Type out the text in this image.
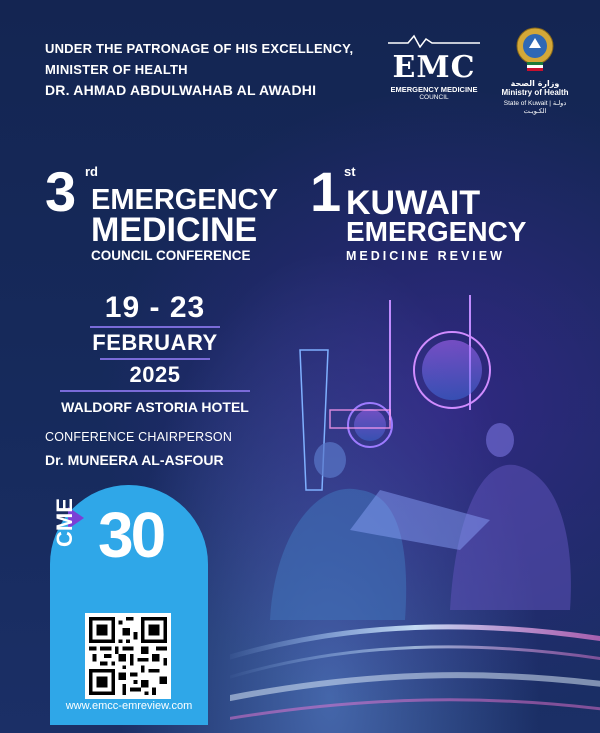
UNDER THE PATRONAGE OF HIS EXCELLENCY,
MINISTER OF HEALTH
DR. AHMAD ABDULWAHAB AL AWADHI
EMC
EMERGENCY MEDICINE
COUNCIL
وزارة الصحة
Ministry of Health
State of Kuwait | دولـة الكـويـت
3 rd
EMERGENCY
MEDICINE
COUNCIL CONFERENCE
1 st
KUWAIT
EMERGENCY
MEDICINE REVIEW
19 - 23
FEBRUARY
2025
WALDORF ASTORIA HOTEL
CONFERENCE CHAIRPERSON
Dr. MUNEERA AL-ASFOUR
CME 30
www.emcc-emreview.com
